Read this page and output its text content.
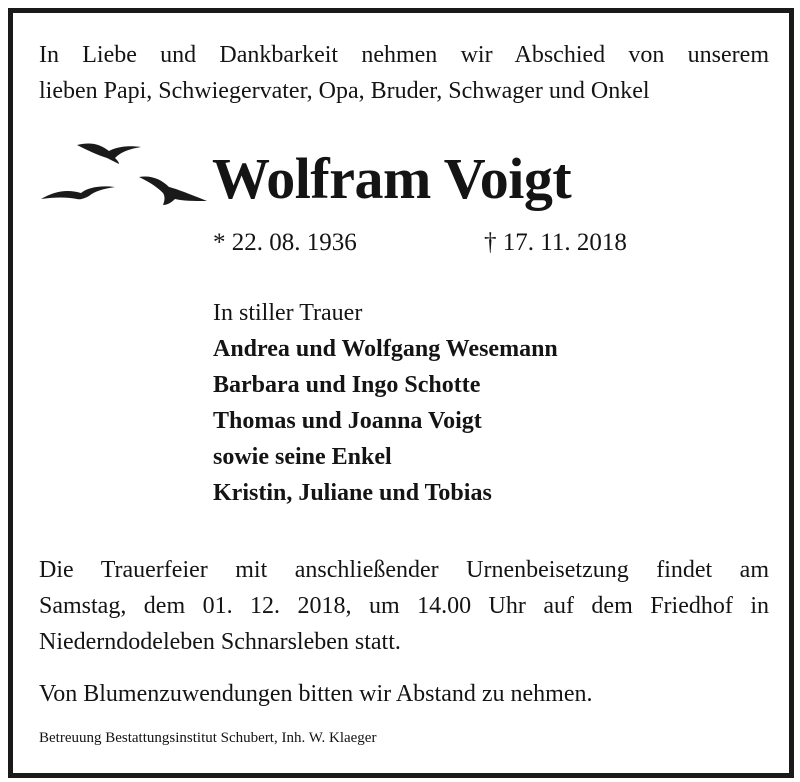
In Liebe und Dankbarkeit nehmen wir Abschied von unserem
lieben Papi, Schwiegervater, Opa, Bruder, Schwager und Onkel
Wolfram Voigt
* 22. 08. 1936	† 17. 11. 2018
In stiller Trauer
Andrea und Wolfgang Wesemann
Barbara und Ingo Schotte
Thomas und Joanna Voigt
sowie seine Enkel
Kristin, Juliane und Tobias
Die Trauerfeier mit anschließender Urnenbeisetzung findet am
Samstag, dem 01. 12. 2018, um 14.00 Uhr auf dem Friedhof in
Niederndodeleben Schnarsleben statt.
Von Blumenzuwendungen bitten wir Abstand zu nehmen.
Betreuung Bestattungsinstitut Schubert, Inh. W. Klaeger
